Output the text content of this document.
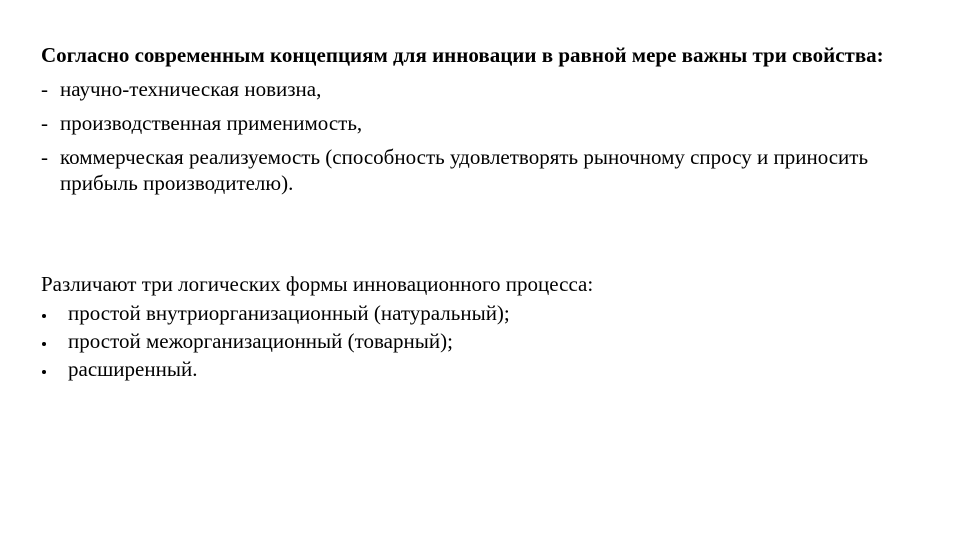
Согласно современным концепциям для инновации в равной мере важны три свойства:

- научно-техническая новизна,
- производственная применимость,
- коммерческая реализуемость (способность удовлетворять рыночному спросу и приносить прибыль производителю).

Различают три логических формы инновационного процесса:

простой внутриорганизационный (натуральный);
простой межорганизационный (товарный);
расширенный.
